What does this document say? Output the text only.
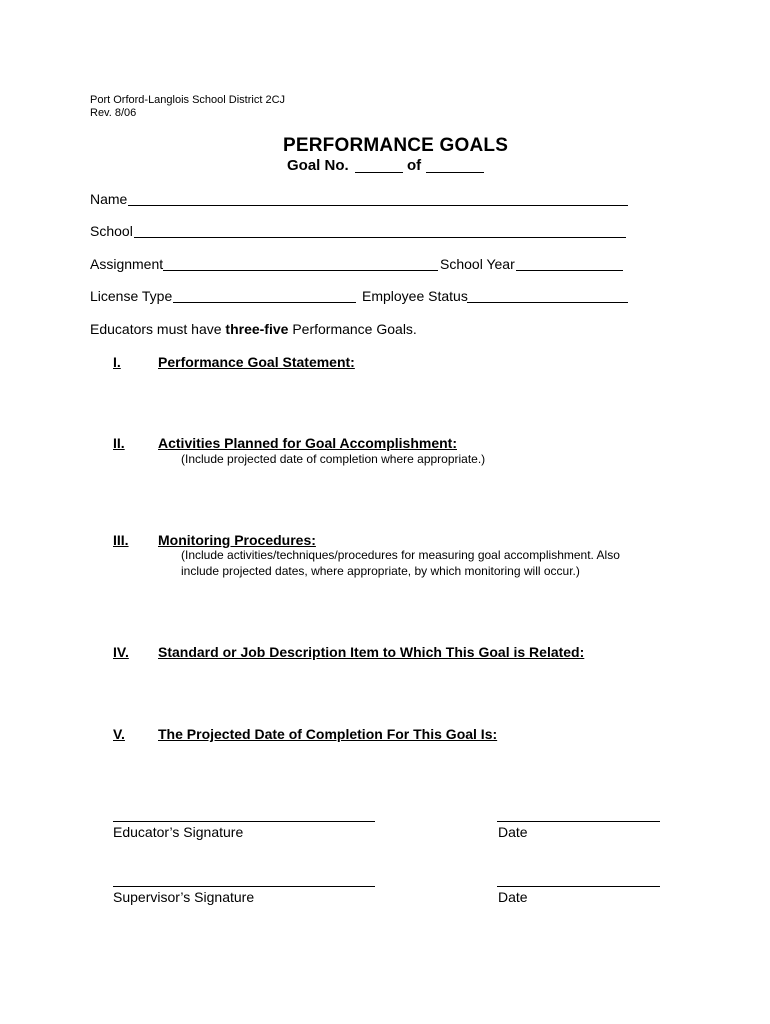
Port Orford-Langlois School District 2CJ
Rev. 8/06
PERFORMANCE GOALS
Goal No.	of
Name
School
Assignment	School Year
License Type	Employee Status
Educators must have three-five Performance Goals.
I.	Performance Goal Statement:
II. Activities Planned for Goal Accomplishment:
(Include projected date of completion where appropriate.)
III. Monitoring Procedures:
(Include activities/techniques/procedures for measuring goal accomplishment. Also
include projected dates, where appropriate, by which monitoring will occur.)
IV. Standard or Job Description Item to Which This Goal is Related:
V. The Projected Date of Completion For This Goal Is:
Educator’s Signature	Date
Supervisor’s Signature	Date
